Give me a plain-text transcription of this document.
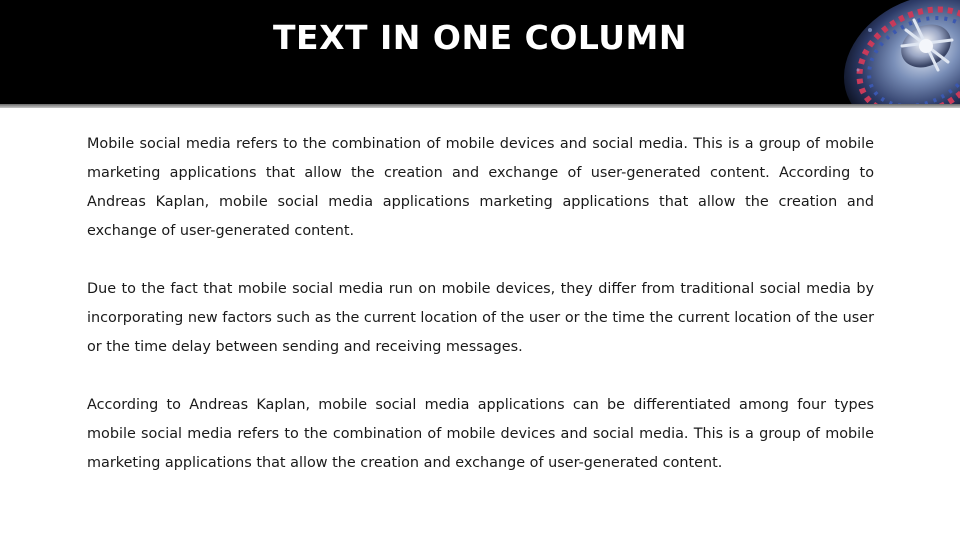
TEXT IN ONE COLUMN

Mobile social media refers to the combination of mobile devices and social media. This is a group of mobile marketing applications that allow the creation and exchange of user-generated content. According to Andreas Kaplan, mobile social media applications marketing applications that allow the creation and exchange of user-generated content.

Due to the fact that mobile social media run on mobile devices, they differ from traditional social media by incorporating new factors such as the current location of the user or the time the current location of the user or the time delay between sending and receiving messages.

According to Andreas Kaplan, mobile social media applications can be differentiated among four types mobile social media refers to the combination of mobile devices and social media. This is a group of mobile marketing applications that allow the creation and exchange of user-generated content.
